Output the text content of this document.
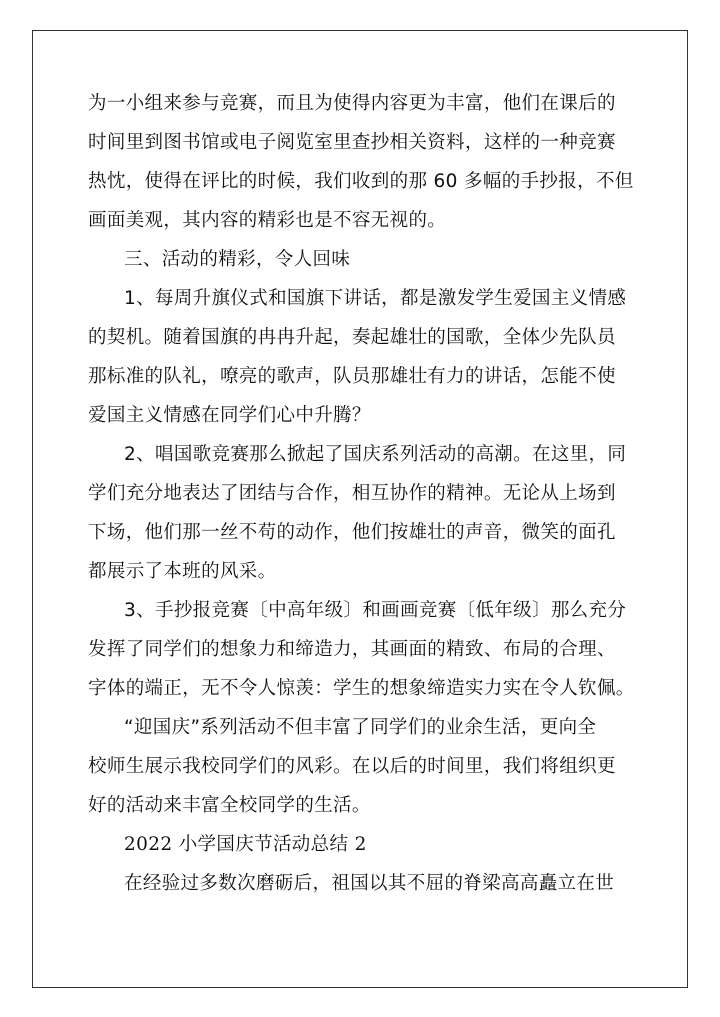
为一小组来参与竞赛，而且为使得内容更为丰富，他们在课后的
时间里到图书馆或电子阅览室里查抄相关资料，这样的一种竞赛
热忱，使得在评比的时候，我们收到的那 60 多幅的手抄报，不但
画面美观，其内容的精彩也是不容无视的。
三、活动的精彩，令人回味
1、每周升旗仪式和国旗下讲话，都是激发学生爱国主义情感
的契机。随着国旗的冉冉升起，奏起雄壮的国歌，全体少先队员
那标准的队礼，嘹亮的歌声，队员那雄壮有力的讲话，怎能不使
爱国主义情感在同学们心中升腾？
2、唱国歌竞赛那么掀起了国庆系列活动的高潮。在这里，同
学们充分地表达了团结与合作，相互协作的精神。无论从上场到
下场，他们那一丝不苟的动作，他们按雄壮的声音，微笑的面孔
都展示了本班的风采。
3、手抄报竞赛〔中高年级〕和画画竞赛〔低年级〕那么充分
发挥了同学们的想象力和缔造力，其画面的精致、布局的合理、
字体的端正，无不令人惊羡：学生的想象缔造实力实在令人钦佩。
“迎国庆”系列活动不但丰富了同学们的业余生活，更向全
校师生展示我校同学们的风彩。在以后的时间里，我们将组织更
好的活动来丰富全校同学的生活。
2022 小学国庆节活动总结 2
在经验过多数次磨砺后，祖国以其不屈的脊梁高高矗立在世
